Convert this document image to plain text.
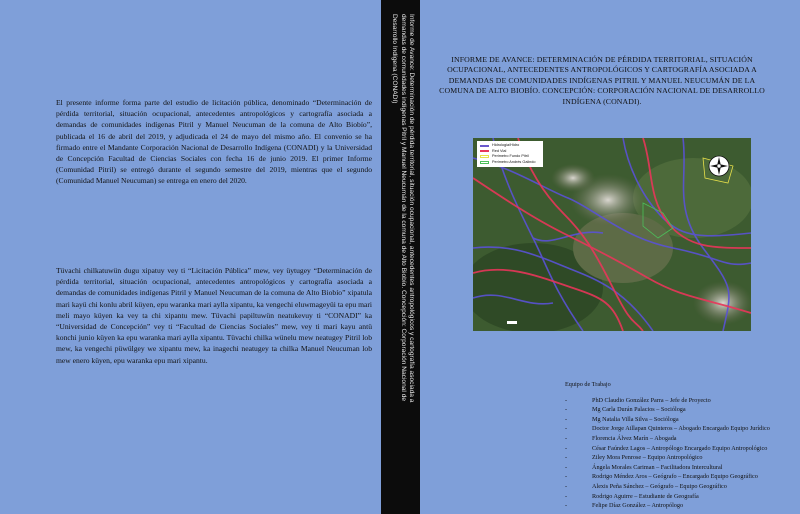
El presente informe forma parte del estudio de licitación pública, denominado “Determinación de pérdida territorial, situación ocupacional, antecedentes antropológicos y cartografía asociada a demandas de comunidades indígenas Pitril y Manuel Neucuman de la comuna de Alto Biobío”, publicada el 16 de abril del 2019, y adjudicada el 24 de mayo del mismo año. El convenio se ha firmado entre el Mandante Corporación Nacional de Desarrollo Indígena (CONADI) y la Universidad de Concepción Facultad de Ciencias Sociales con fecha 16 de junio 2019. El primer Informe (Comunidad Pitril) se entregó durante el segundo semestre del 2019, mientras que el segundo (Comunidad Manuel Neucuman) se entrega en enero del 2020.

Tüvachi chilkatuwün dugu xipatuy vey ti “Licitación Pública” mew, vey üytugey “Determinación de pérdida territorial, situación ocupacional, antecedentes antropológicos y cartografía asociada a demandas de comunidades indígenas Pitril y Manuel Neucuman de la comuna de Alto Biobío” xipatula mari kayü chi konlu abril küyen, epu waranka mari aylla xipantu, ka vengechi eluwmageyüi ta epu mari meli mayo küyen ka vey ta chi xipantu mew. Tüvachi papiltuwün neatukevuy ti “CONADI” ka “Universidad de Concepción” vey ti “Facultad de Ciencias Sociales” mew, vey ti mari kayu antü konchi junio küyen ka epu waranka mari aylla xipantu. Tüvachi chilka wünelu mew neatugey Pitril lob mew, ka vengechi püwülgey we xipantu mew, ka inagechi neatugey ta chilka Manuel Neucuman lob mew enero küyen, epu waranka epu mari xipantu.	Informe de Avance: Determinación de pérdida territorial, situación ocupacional, antecedentes antropológicos y cartografía asociada a
demandas de comunidades indígenas Pitril y Manuel Neucumán de la comuna de Alto Biobío. Concepción: Corporación Nacional de
Desarrollo Indígena (CONADI)	INFORME DE AVANCE: DETERMINACIÓN DE PÉRDIDA TERRITORIAL, SITUACIÓN OCUPACIONAL, ANTECEDENTES ANTROPOLÓGICOS Y CARTOGRAFÍA ASOCIADA A DEMANDAS DE COMUNIDADES INDÍGENAS PITRIL Y MANUEL NEUCUMÁN DE LA COMUNA DE ALTO BIOBÍO. CONCEPCIÓN: CORPORACIÓN NACIONAL DE DESARROLLO INDÍGENA (CONADI).
Hidrologia/Hidro
Red Vial
Perimetro Fundo Pitril
Perimetro Andrés Galindo
Equipo de Trabajo
- PhD Claudio González Parra – Jefe de Proyecto
- Mg Carla Durán Palacios – Sociólogа
- Mg Natalia Villa Silva – Socióloga
- Doctor Jorge Aillapan Quinteros – Abogado Encargado Equipo Jurídico
- Florencia Álvez Marín – Abogada
- César Faúndez Lagos – Antropólogo Encargado Equipo Antropológico
- Ziley Mora Penrose – Equipo Antropológico
- Ángela Morales Cariman – Facilitadora Intercultural
- Rodrigo Méndez Aros – Geógrafo – Encargado Equipo Geográfico
- Alexis Peña Sánchez – Geógrafo – Equipo Geográfico
- Rodrigo Aguirre – Estudiante de Geografía
- Felipe Díaz González – Antropólogo
